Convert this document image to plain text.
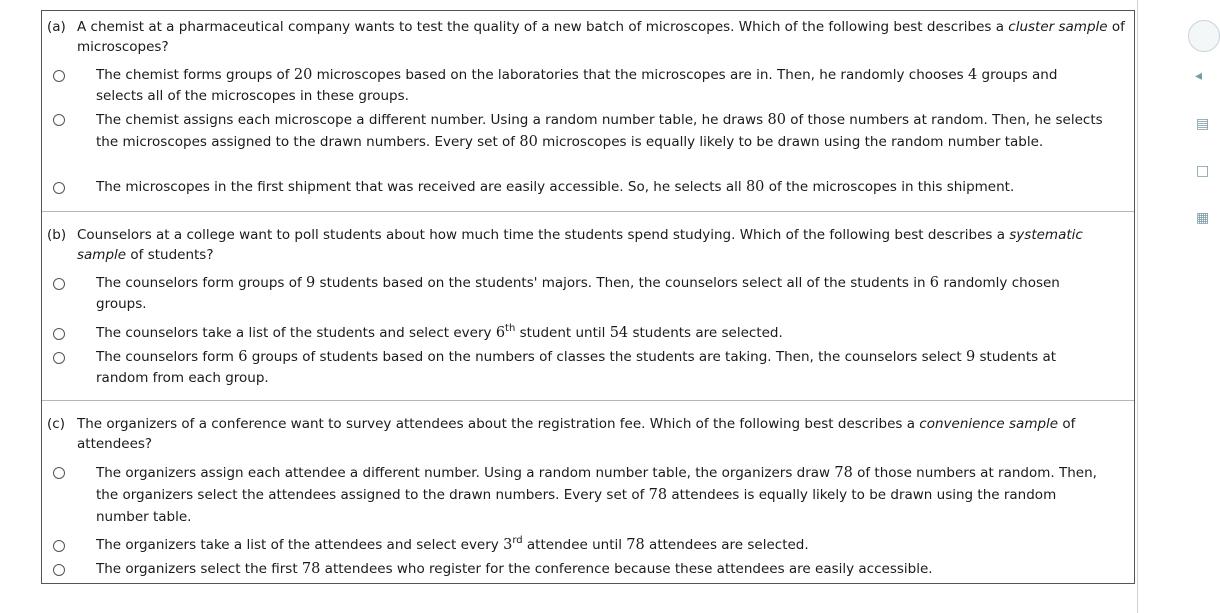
(a) A chemist at a pharmaceutical company wants to test the quality of a new batch of microscopes. Which of the following best describes a cluster sample of microscopes?
The chemist forms groups of 20 microscopes based on the laboratories that the microscopes are in. Then, he randomly chooses 4 groups and selects all of the microscopes in these groups.
The chemist assigns each microscope a different number. Using a random number table, he draws 80 of those numbers at random. Then, he selects the microscopes assigned to the drawn numbers. Every set of 80 microscopes is equally likely to be drawn using the random number table.
The microscopes in the first shipment that was received are easily accessible. So, he selects all 80 of the microscopes in this shipment.
(b) Counselors at a college want to poll students about how much time the students spend studying. Which of the following best describes a systematic sample of students?
The counselors form groups of 9 students based on the students' majors. Then, the counselors select all of the students in 6 randomly chosen groups.
The counselors take a list of the students and select every 6th student until 54 students are selected.
The counselors form 6 groups of students based on the numbers of classes the students are taking. Then, the counselors select 9 students at random from each group.
(c) The organizers of a conference want to survey attendees about the registration fee. Which of the following best describes a convenience sample of attendees?
The organizers assign each attendee a different number. Using a random number table, the organizers draw 78 of those numbers at random. Then, the organizers select the attendees assigned to the drawn numbers. Every set of 78 attendees is equally likely to be drawn using the random number table.
The organizers take a list of the attendees and select every 3rd attendee until 78 attendees are selected.
The organizers select the first 78 attendees who register for the conference because these attendees are easily accessible.
◂
▤
□
▦
